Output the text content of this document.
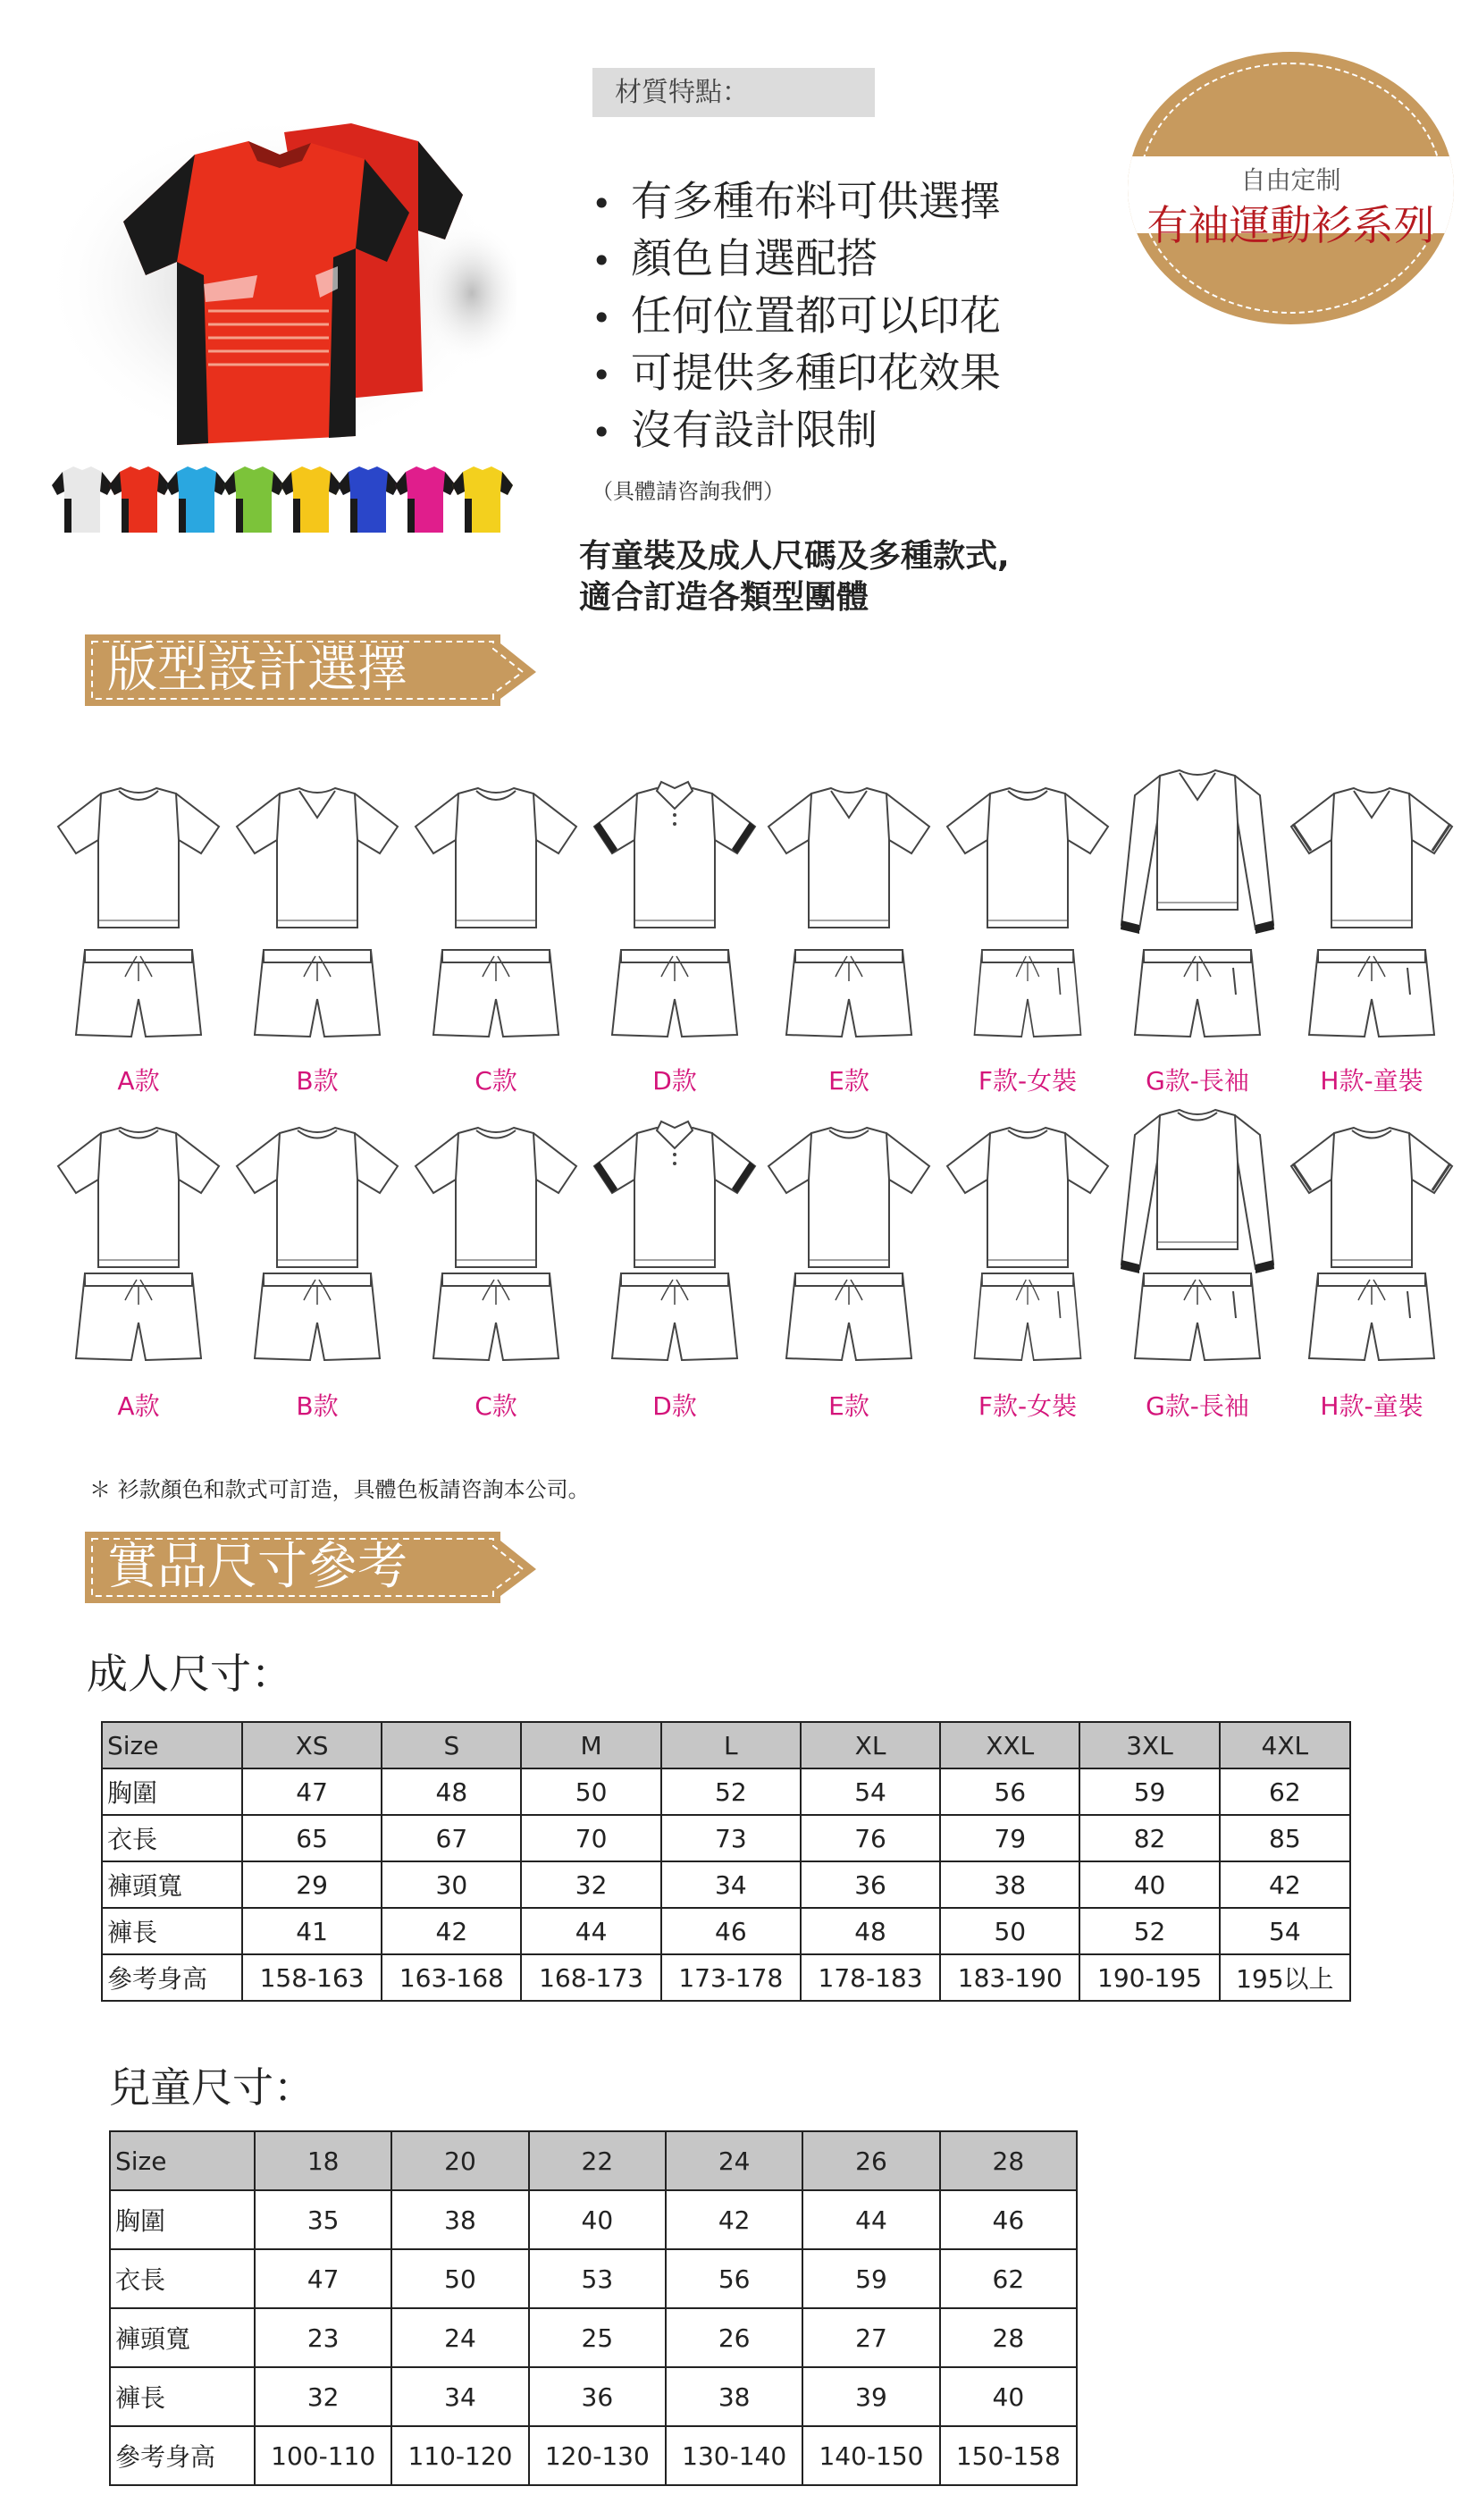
材質特點：
• 有多種布料可供選擇
• 顏色自選配搭
• 任何位置都可以印花
• 可提供多種印花效果
• 沒有設計限制
（具體請咨詢我們）
有童裝及成人尺碼及多種款式,
適合訂造各類型團體
自由定制
有袖運動衫系列
版型設計選擇
A款	B款	C款	D款	E款	F款-女裝	G款-長袖	H款-童裝
A款	B款	C款	D款	E款	F款-女裝	G款-長袖	H款-童裝
＊ 衫款顏色和款式可訂造，具體色板請咨詢本公司。
實品尺寸參考
成人尺寸：
Size	XS	S	M	L	XL	XXL	3XL	4XL
胸圍	47	48	50	52	54	56	59	62
衣長	65	67	70	73	76	79	82	85
褲頭寬	29	30	32	34	36	38	40	42
褲長	41	42	44	46	48	50	52	54
參考身高	158-163	163-168	168-173	173-178	178-183	183-190	190-195	195以上
兒童尺寸：
Size	18	20	22	24	26	28
胸圍	35	38	40	42	44	46
衣長	47	50	53	56	59	62
褲頭寬	23	24	25	26	27	28
褲長	32	34	36	38	39	40
參考身高	100-110	110-120	120-130	130-140	140-150	150-158
